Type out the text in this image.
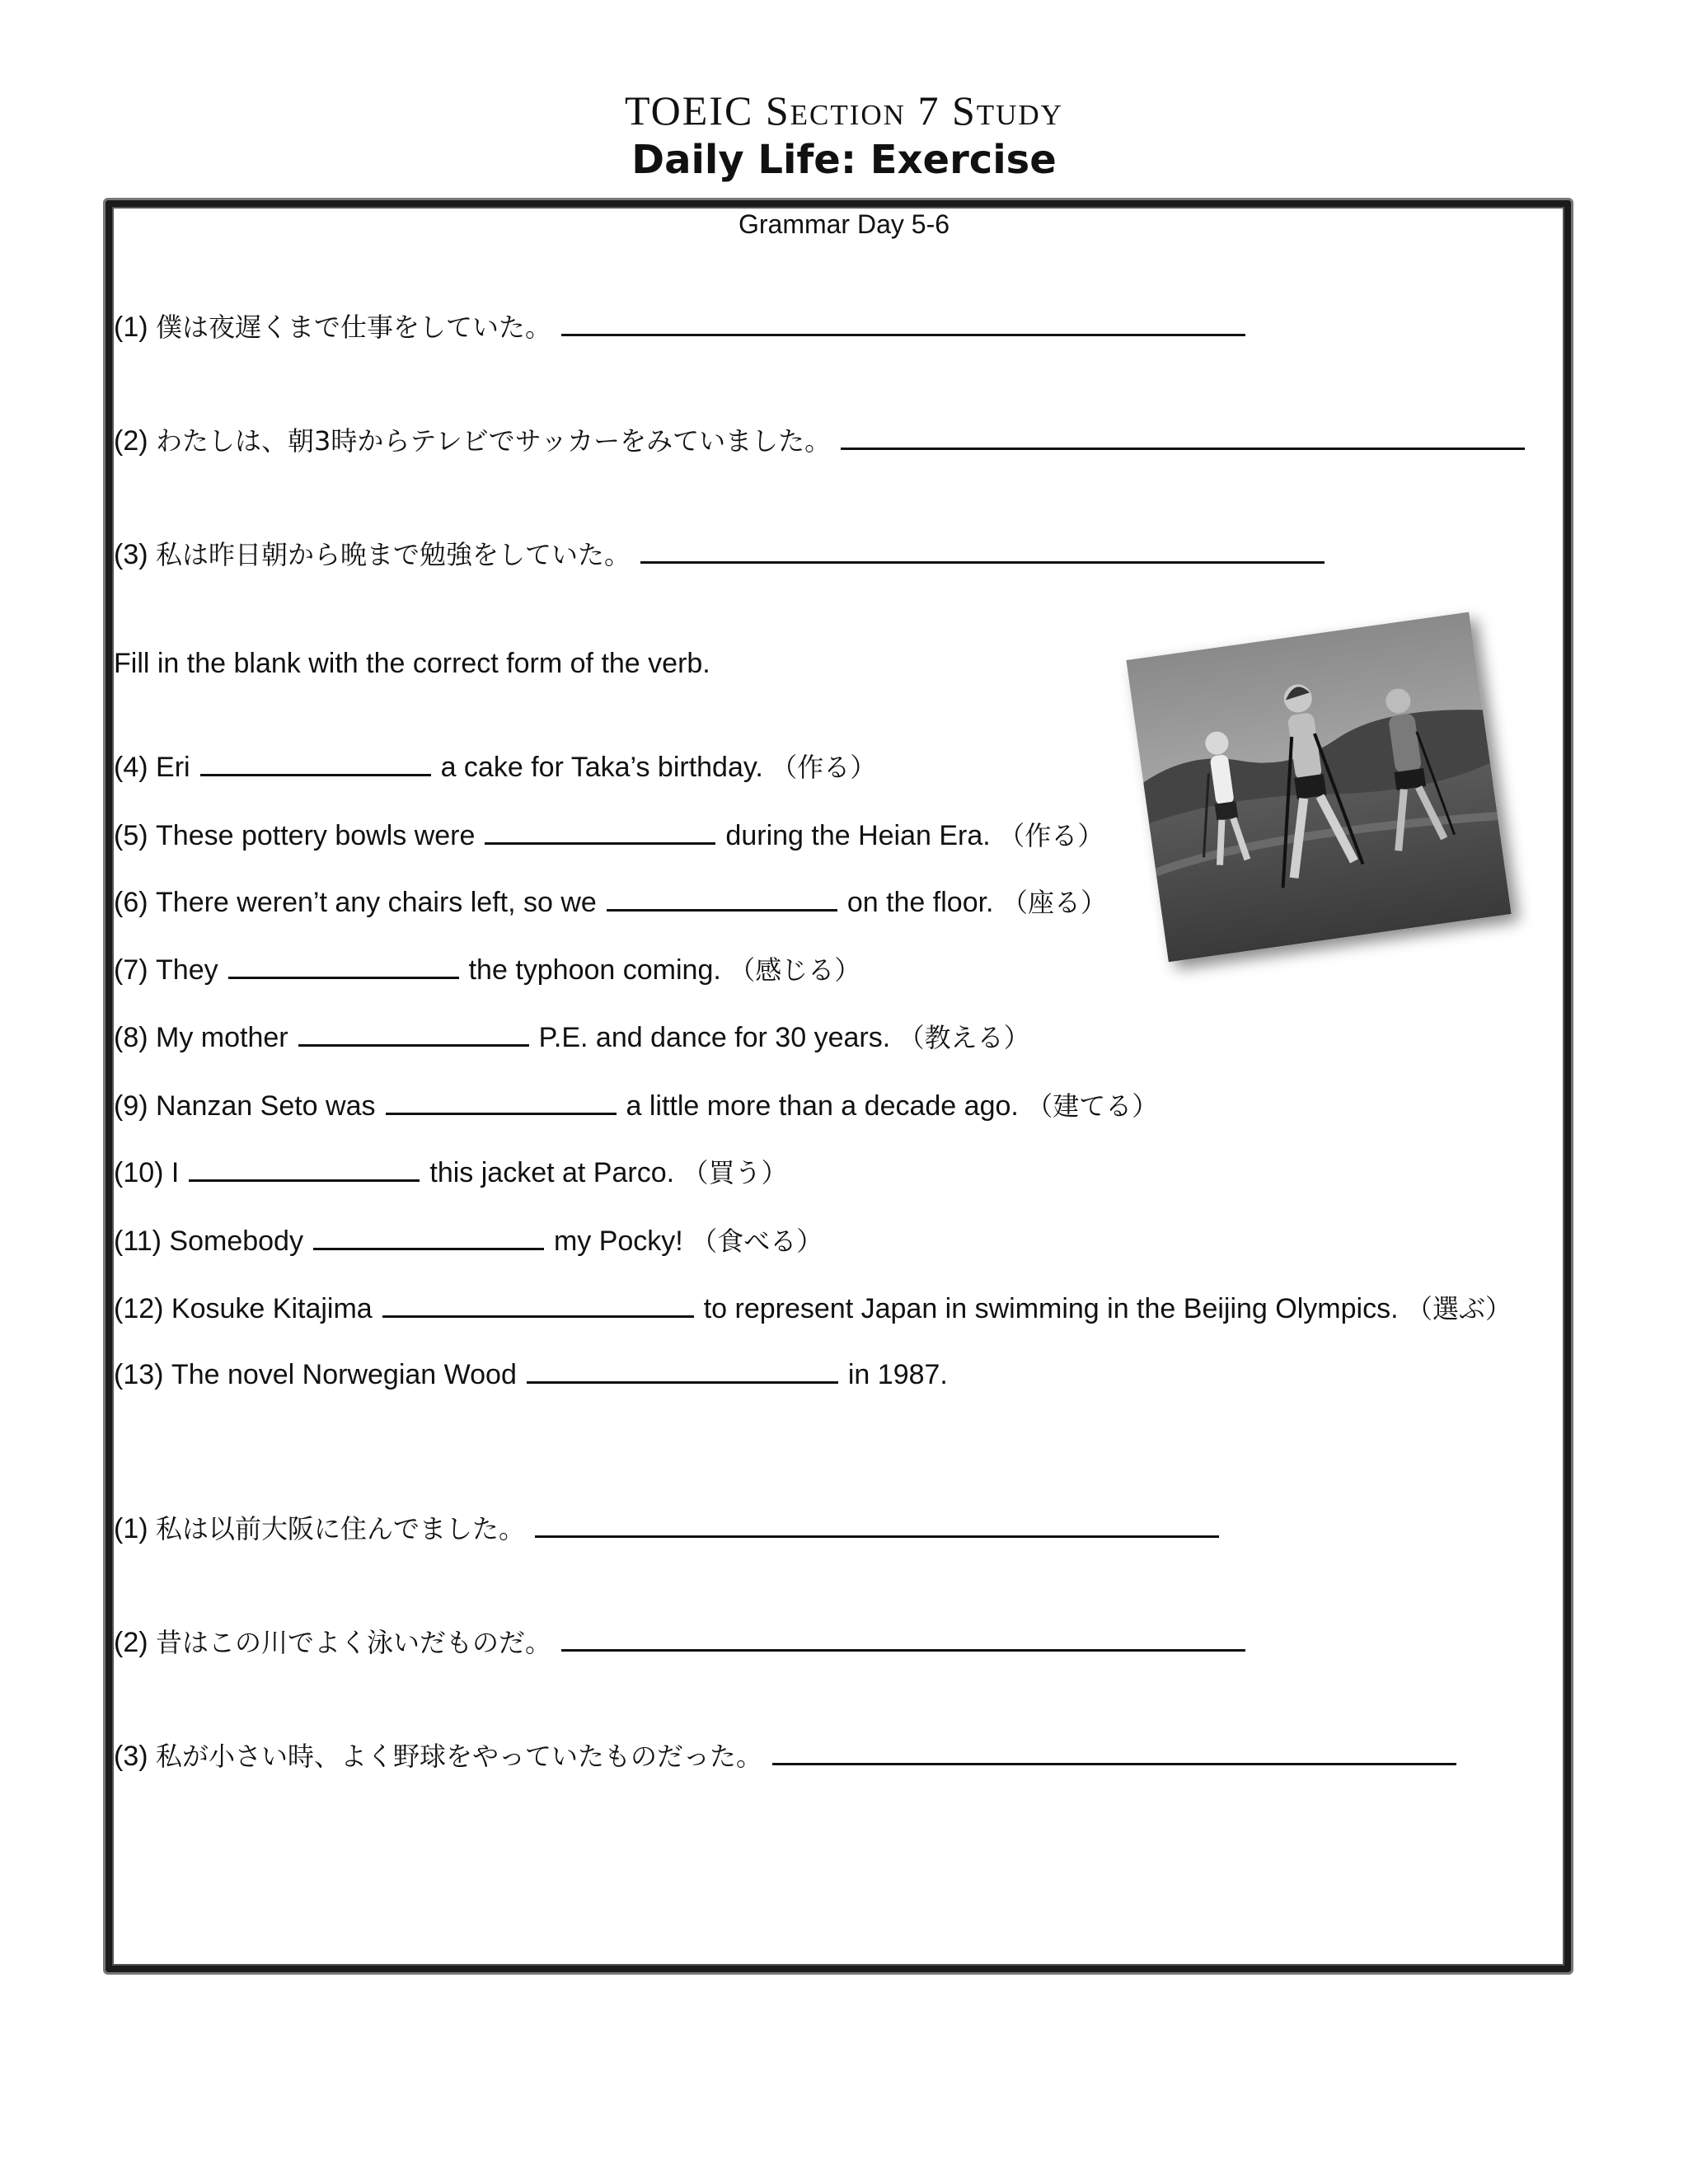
TOEIC Section 7 Study
Daily Life: Exercise
Grammar Day 5-6
(1)
僕は夜遅くまで仕事をしていた。
(2)
わたしは、朝3時からテレビでサッカーをみていました。
(3)
私は昨日朝から晩まで勉強をしていた。
Fill in the blank with the correct form of the verb.
(4)
Eri	a cake for Taka’s birthday.
（作る）
(5)
These pottery bowls were	during the Heian Era.
（作る）
(6)
There weren’t any chairs left, so we	on the floor.
（座る）
(7)
They	the typhoon coming.
（感じる）
(8)
My mother	P.E. and dance for 30 years.
（教える）
(9)
Nanzan Seto was	a little more than a decade ago.
（建てる）
(10)
I	this jacket at Parco.
（買う）
(11)
Somebody	my Pocky!
（食べる）
(12)
Kosuke Kitajima	to represent Japan in swimming in the Beijing Olympics.
（選ぶ）
(13)
The novel Norwegian Wood	in 1987.
(1)
私は以前大阪に住んでました。
(2)
昔はこの川でよく泳いだものだ。
(3)
私が小さい時、よく野球をやっていたものだった。
